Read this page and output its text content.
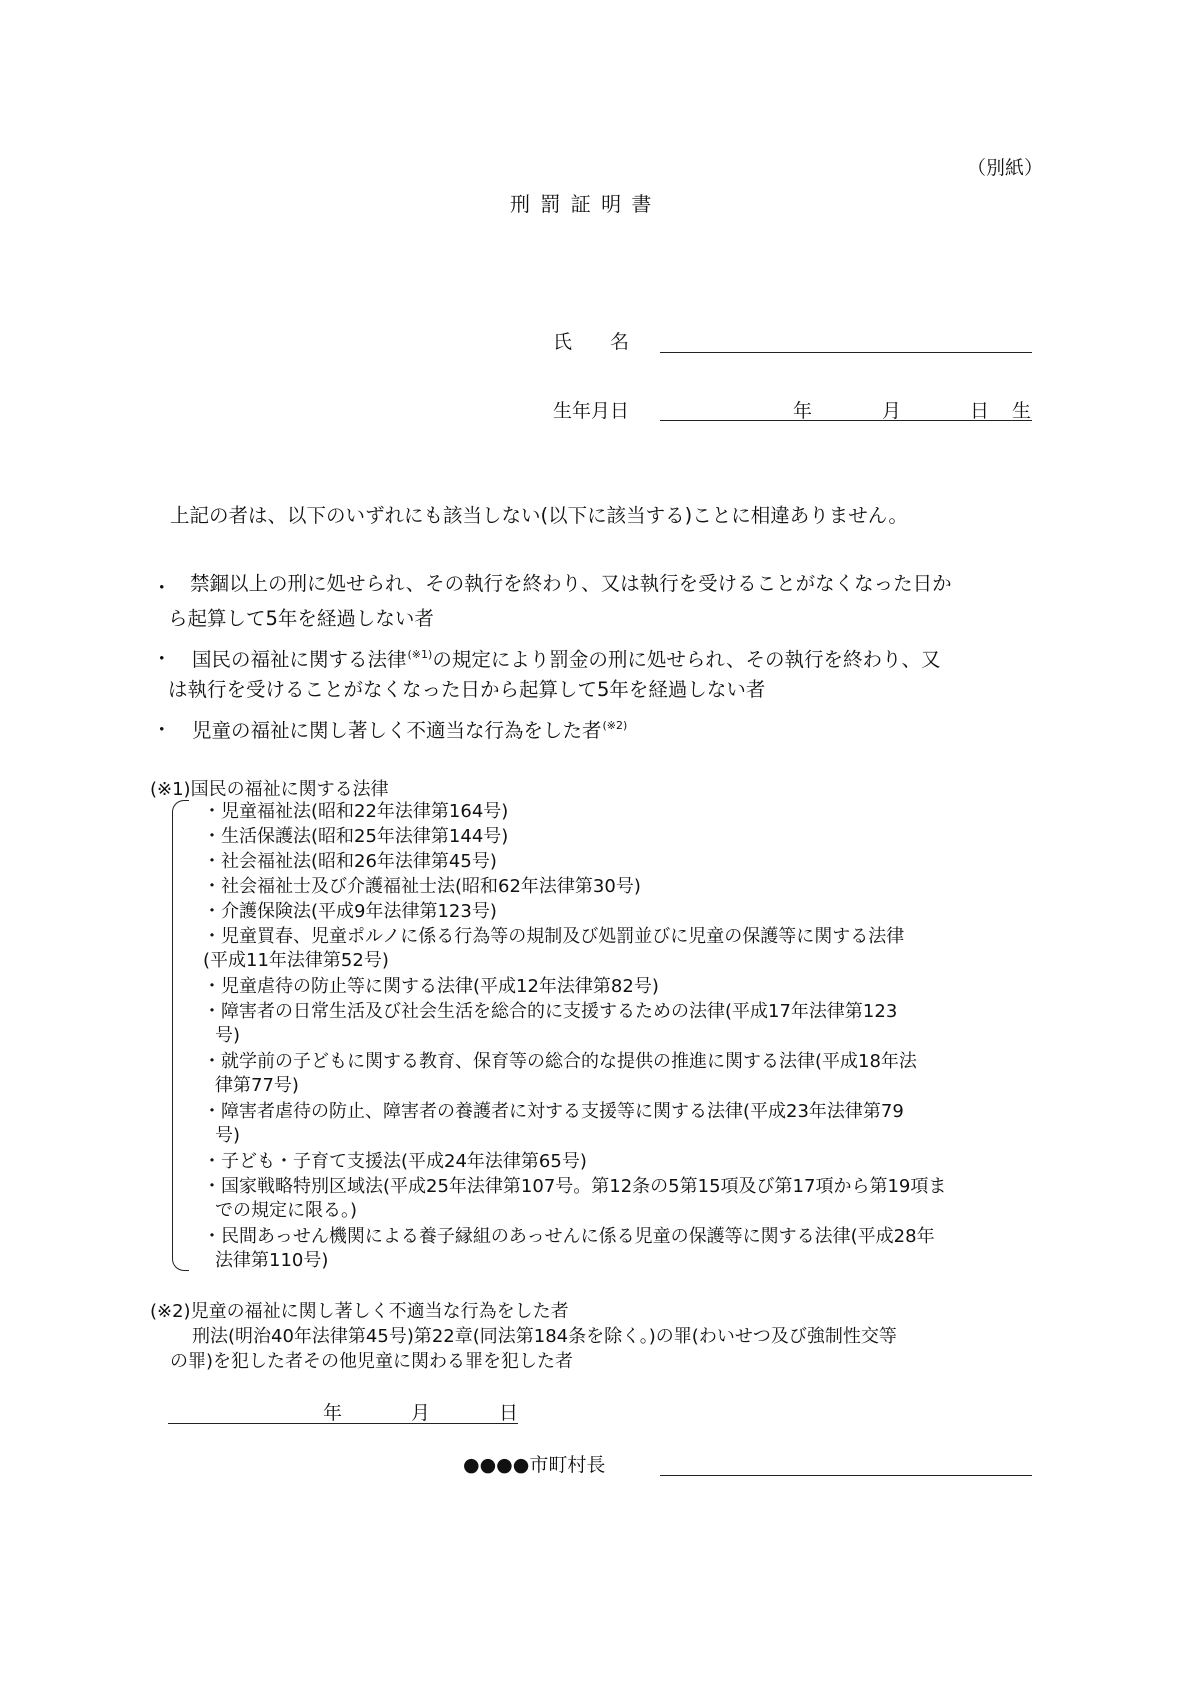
（別紙）
刑 罰 証 明 書
氏　　名
生年月日	年	月	日 生
上記の者は、以下のいずれにも該当しない(以下に該当する)ことに相違ありません。
・ 禁錮以上の刑に処せられ、その執行を終わり、又は執行を受けることがなくなった日か
ら起算して5年を経過しない者
・ 国民の福祉に関する法律$^{(※1)}$の規定により罰金の刑に処せられ、その執行を終わり、又
は執行を受けることがなくなった日から起算して5年を経過しない者
・ 児童の福祉に関し著しく不適当な行為をした者$^{(※2)}$
(※1)国民の福祉に関する法律
・児童福祉法(昭和22年法律第164号)
・生活保護法(昭和25年法律第144号)
・社会福祉法(昭和26年法律第45号)
・社会福祉士及び介護福祉士法(昭和62年法律第30号)
・介護保険法(平成9年法律第123号)
・児童買春、児童ポルノに係る行為等の規制及び処罰並びに児童の保護等に関する法律
(平成11年法律第52号)
・児童虐待の防止等に関する法律(平成12年法律第82号)
・障害者の日常生活及び社会生活を総合的に支援するための法律(平成17年法律第123
号)
・就学前の子どもに関する教育、保育等の総合的な提供の推進に関する法律(平成18年法
律第77号)
・障害者虐待の防止、障害者の養護者に対する支援等に関する法律(平成23年法律第79
号)
・子ども・子育て支援法(平成24年法律第65号)
・国家戦略特別区域法(平成25年法律第107号。第12条の5第15項及び第17項から第19項ま
での規定に限る。)
・民間あっせん機関による養子縁組のあっせんに係る児童の保護等に関する法律(平成28年
法律第110号)
(※2)児童の福祉に関し著しく不適当な行為をした者
刑法(明治40年法律第45号)第22章(同法第184条を除く。)の罪(わいせつ及び強制性交等
の罪)を犯した者その他児童に関わる罪を犯した者
年	月	日
●●●●市町村長
